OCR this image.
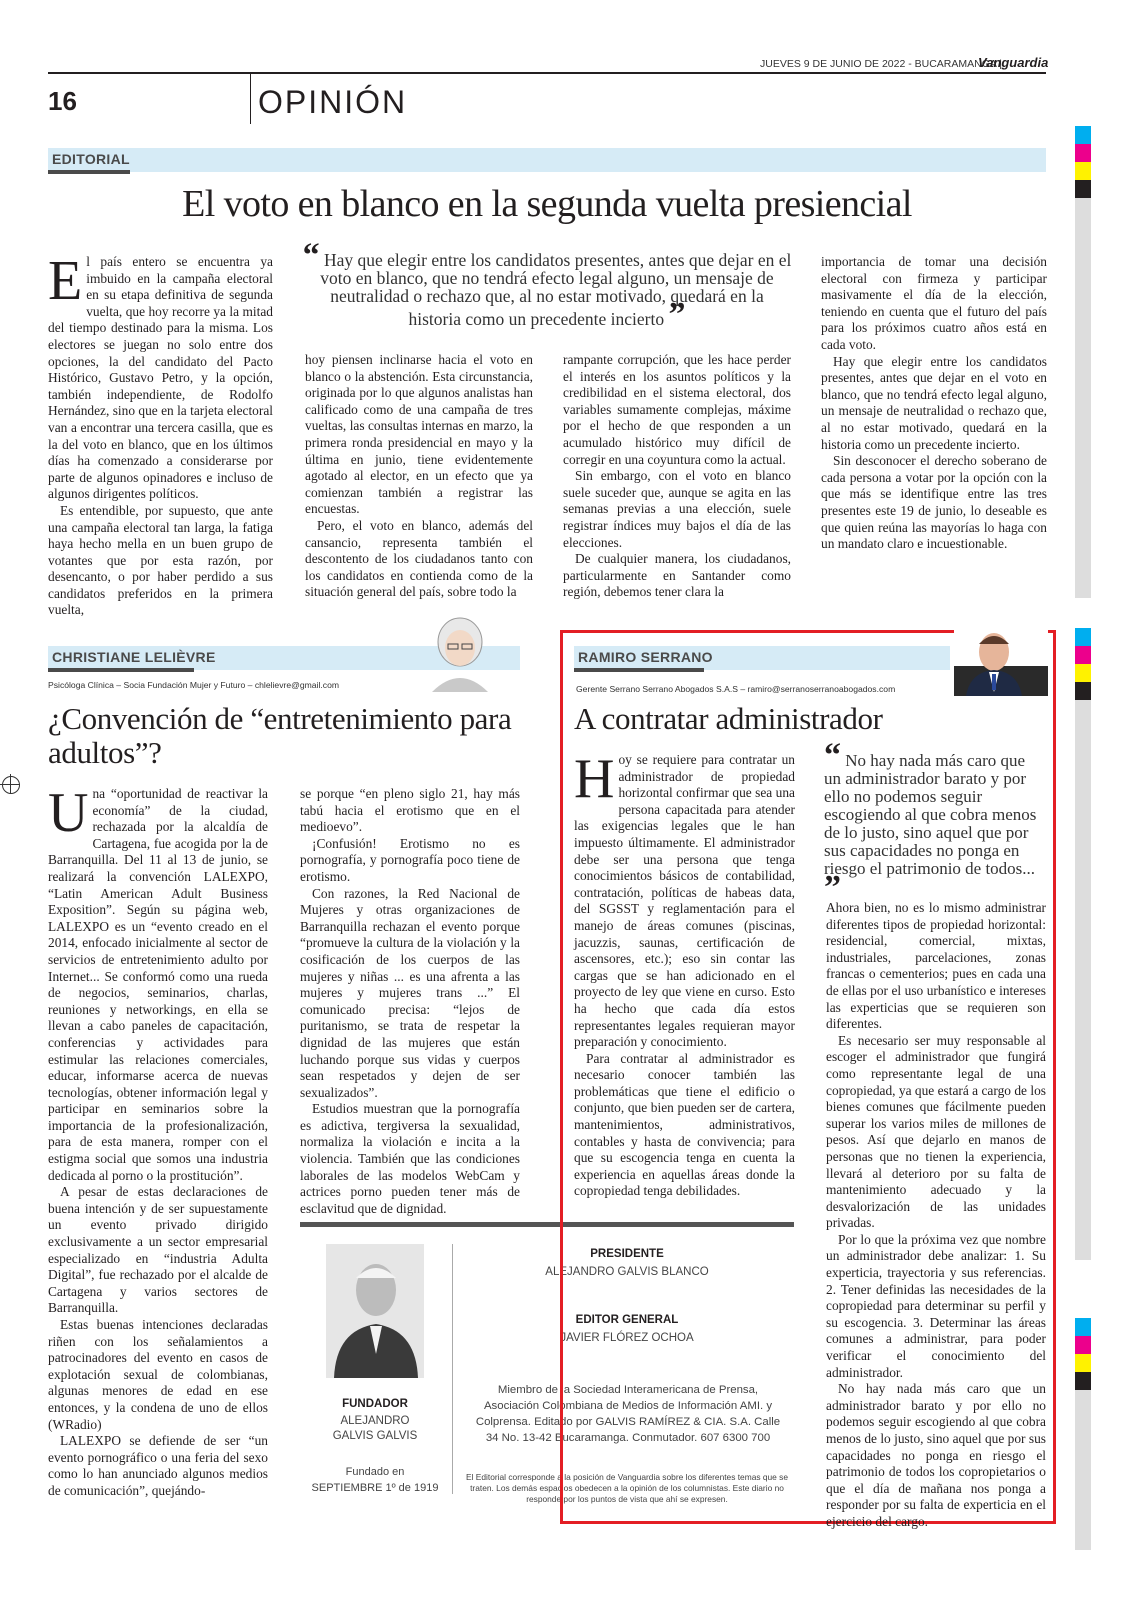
JUEVES 9 DE JUNIO DE 2022 - BUCARAMANGA |
Vanguardia
16	OPINIÓN
EDITORIAL
El voto en blanco en la segunda vuelta presiencial
E l país entero se encuentra ya imbuido en la campaña electoral en su etapa definitiva de segunda vuelta, que hoy recorre ya la mitad del tiempo destinado para la misma. Los electores se juegan no solo entre dos opciones, la del candidato del Pacto Histórico, Gustavo Petro, y la opción, también independiente, de Rodolfo Hernández, sino que en la tarjeta electoral van a encontrar una tercera casilla, que es la del voto en blanco, que en los últimos días ha comenzado a considerarse por parte de algunos opinadores e incluso de algunos dirigentes políticos.

Es entendible, por supuesto, que ante una campaña electoral tan larga, la fatiga haya hecho mella en un buen grupo de votantes que por esta razón, por desencanto, o por haber perdido a sus candidatos preferidos en la primera vuelta,

“ Hay que elegir entre los candidatos presentes, antes que dejar en el voto en blanco, que no tendrá efecto legal alguno, un mensaje de neutralidad o rechazo que, al no estar motivado, quedará en la historia como un precedente incierto ”

hoy piensen inclinarse hacia el voto en blanco o la abstención. Esta circunstancia, originada por lo que algunos analistas han calificado como de una campaña de tres vueltas, las consultas internas en marzo, la primera ronda presidencial en mayo y la última en junio, tiene evidentemente agotado al elector, en un efecto que ya comienzan también a registrar las encuestas.

Pero, el voto en blanco, además del cansancio, representa también el descontento de los ciudadanos tanto con los candidatos en contienda como de la situación general del país, sobre todo la

rampante corrupción, que les hace perder el interés en los asuntos políticos y la credibilidad en el sistema electoral, dos variables sumamente complejas, máxime por el hecho de que responden a un acumulado histórico muy difícil de corregir en una coyuntura como la actual.

Sin embargo, con el voto en blanco suele suceder que, aunque se agita en las semanas previas a una elección, suele registrar índices muy bajos el día de las elecciones.

De cualquier manera, los ciudadanos, particularmente en Santander como región, debemos tener clara la

importancia de tomar una decisión electoral con firmeza y participar masivamente el día de la elección, teniendo en cuenta que el futuro del país para los próximos cuatro años está en cada voto.

Hay que elegir entre los candidatos presentes, antes que dejar en el voto en blanco, que no tendrá efecto legal alguno, un mensaje de neutralidad o rechazo que, al no estar motivado, quedará en la historia como un precedente incierto.

Sin desconocer el derecho soberano de cada persona a votar por la opción con la que más se identifique entre las tres presentes este 19 de junio, lo deseable es que quien reúna las mayorías lo haga con un mandato claro e incuestionable.

CHRISTIANE LELIÈVRE
Psicóloga Clínica – Socia Fundación Mujer y Futuro – chlelievre@gmail.com
¿Convención de “entretenimiento para adultos”?
U na “oportunidad de reactivar la economía” de la ciudad, rechazada por la alcaldía de Cartagena, fue acogida por la de Barranquilla. Del 11 al 13 de junio, se realizará la convención LALEXPO, “Latin American Adult Business Exposition”. Según su página web, LALEXPO es un “evento creado en el 2014, enfocado inicialmente al sector de servicios de entretenimiento adulto por Internet... Se conformó como una rueda de negocios, seminarios, charlas, reuniones y networkings, en ella se llevan a cabo paneles de capacitación, conferencias y actividades para estimular las relaciones comerciales, educar, informarse acerca de nuevas tecnologías, obtener información legal y participar en seminarios sobre la importancia de la profesionalización, para de esta manera, romper con el estigma social que somos una industria dedicada al porno o la prostitución”.

A pesar de estas declaraciones de buena intención y de ser supuestamente un evento privado dirigido exclusivamente a un sector empresarial especializado en “industria Adulta Digital”, fue rechazado por el alcalde de Cartagena y varios sectores de Barranquilla.

Estas buenas intenciones declaradas riñen con los señalamientos a patrocinadores del evento en casos de explotación sexual de colombianas, algunas menores de edad en ese entonces, y la condena de uno de ellos (WRadio)

LALEXPO se defiende de ser “un evento pornográfico o una feria del sexo como lo han anunciado algunos medios de comunicación”, quejándo-

se porque “en pleno siglo 21, hay más tabú hacia el erotismo que en el medioevo”.

¡Confusión! Erotismo no es pornografía, y pornografía poco tiene de erotismo.

Con razones, la Red Nacional de Mujeres y otras organizaciones de Barranquilla rechazan el evento porque “promueve la cultura de la violación y la cosificación de los cuerpos de las mujeres y niñas ... es una afrenta a las mujeres y mujeres trans ...” El comunicado precisa: “lejos de puritanismo, se trata de respetar la dignidad de las mujeres que están luchando porque sus vidas y cuerpos sean respetados y dejen de ser sexualizados”.

Estudios muestran que la pornografía es adictiva, tergiversa la sexualidad, normaliza la violación e incita a la violencia. También que las condiciones laborales de las modelos WebCam y actrices porno pueden tener más de esclavitud que de dignidad.

FUNDADOR
ALEJANDRO GALVIS GALVIS
Fundado en
SEPTIEMBRE 1º de 1919
PRESIDENTE
ALEJANDRO GALVIS BLANCO
EDITOR GENERAL
JAVIER FLÓREZ OCHOA
Miembro de la Sociedad Interamericana de Prensa, Asociación Colombiana de Medios de Información AMI. y Colprensa. Editado por GALVIS RAMÍREZ & CIA. S.A. Calle 34 No. 13-42 Bucaramanga. Conmutador. 607 6300 700
El Editorial corresponde a la posición de Vanguardia sobre los diferentes temas que se traten. Los demás espacios obedecen a la opinión de los columnistas. Este diario no responde por los puntos de vista que ahí se expresen.
RAMIRO SERRANO
Gerente Serrano Serrano Abogados S.A.S – ramiro@serranoserranoabogados.com
A contratar administrador
H oy se requiere para contratar un administrador de propiedad horizontal confirmar que sea una persona capacitada para atender las exigencias legales que le han impuesto últimamente. El administrador debe ser una persona que tenga conocimientos básicos de contabilidad, contratación, políticas de habeas data, del SGSST y reglamentación para el manejo de áreas comunes (piscinas, jacuzzis, saunas, certificación de ascensores, etc.); eso sin contar las cargas que se han adicionado en el proyecto de ley que viene en curso. Esto ha hecho que cada día estos representantes legales requieran mayor preparación y conocimiento.

Para contratar al administrador es necesario conocer también las problemáticas que tiene el edificio o conjunto, que bien pueden ser de cartera, mantenimientos, administrativos, contables y hasta de convivencia; para que su escogencia tenga en cuenta la experiencia en aquellas áreas donde la copropiedad tenga debilidades.

“ No hay nada más caro que un administrador barato y por ello no podemos seguir escogiendo al que cobra menos de lo justo, sino aquel que por sus capacidades no ponga en riesgo el patrimonio de todos... ”

Ahora bien, no es lo mismo administrar diferentes tipos de propiedad horizontal: residencial, comercial, mixtas, industriales, parcelaciones, zonas francas o cementerios; pues en cada una de ellas por el uso urbanístico e intereses las experticias que se requieren son diferentes.

Es necesario ser muy responsable al escoger el administrador que fungirá como representante legal de una copropiedad, ya que estará a cargo de los bienes comunes que fácilmente pueden superar los varios miles de millones de pesos. Así que dejarlo en manos de personas que no tienen la experiencia, llevará al deterioro por su falta de mantenimiento adecuado y la desvalorización de las unidades privadas.

Por lo que la próxima vez que nombre un administrador debe analizar: 1. Su experticia, trayectoria y sus referencias. 2. Tener definidas las necesidades de la copropiedad para determinar su perfil y su escogencia. 3. Determinar las áreas comunes a administrar, para poder verificar el conocimiento del administrador.

No hay nada más caro que un administrador barato y por ello no podemos seguir escogiendo al que cobra menos de lo justo, sino aquel que por sus capacidades no ponga en riesgo el patrimonio de todos los copropietarios o que el día de mañana nos ponga a responder por su falta de experticia en el ejercicio del cargo.
